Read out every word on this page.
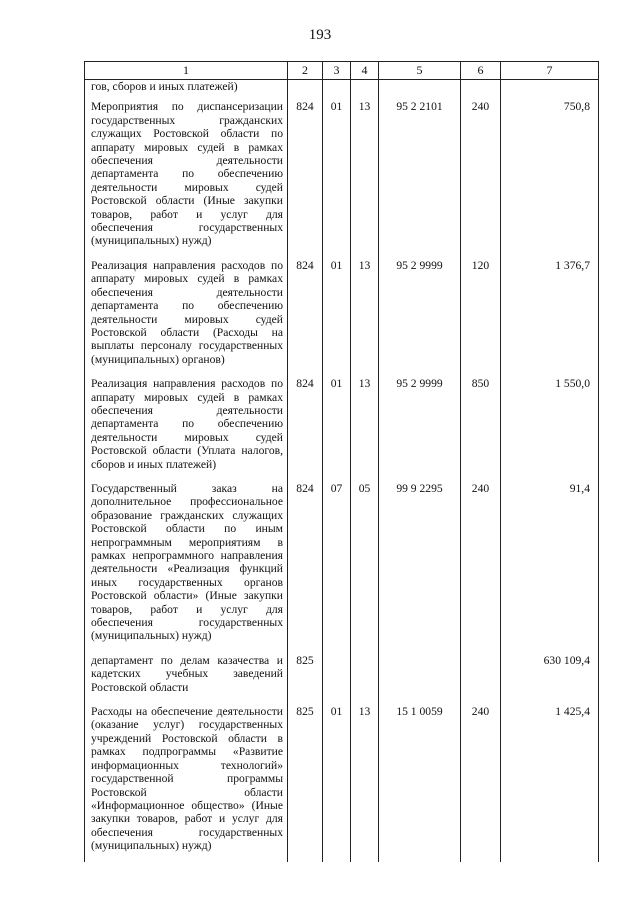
193
1	2	3	4	5	6	7
гов, сборов и иных платежей)						
Мероприятия по диспансеризации государственных гражданских служащих Ростовской области по аппарату мировых судей в рамках обеспечения деятельности департамента по обеспечению деятельности мировых судей Ростовской области (Иные закупки товаров, работ и услуг для обеспечения государственных (муниципальных) нужд)	824	01	13	95 2 2101	240	750,8
Реализация направления расходов по аппарату мировых судей в рамках обеспечения деятельности департамента по обеспечению деятельности мировых судей Ростовской области (Расходы на выплаты персоналу государственных (муниципальных) органов)	824	01	13	95 2 9999	120	1 376,7
Реализация направления расходов по аппарату мировых судей в рамках обеспечения деятельности департамента по обеспечению деятельности мировых судей Ростовской области (Уплата налогов, сборов и иных платежей)	824	01	13	95 2 9999	850	1 550,0
Государственный заказ на дополнительное профессиональное образование гражданских служащих Ростовской области по иным непрограммным мероприятиям в рамках непрограммного направления деятельности «Реализация функций иных государственных органов Ростовской области» (Иные закупки товаров, работ и услуг для обеспечения государственных (муниципальных) нужд)	824	07	05	99 9 2295	240	91,4
департамент по делам казачества и кадетских учебных заведений Ростовской области	825					630 109,4
Расходы на обеспечение деятельности (оказание услуг) государственных учреждений Ростовской области в рамках подпрограммы «Развитие информационных технологий» государственной программы Ростовской области «Информационное общество» (Иные закупки товаров, работ и услуг для обеспечения государственных (муниципальных) нужд)	825	01	13	15 1 0059	240	1 425,4
